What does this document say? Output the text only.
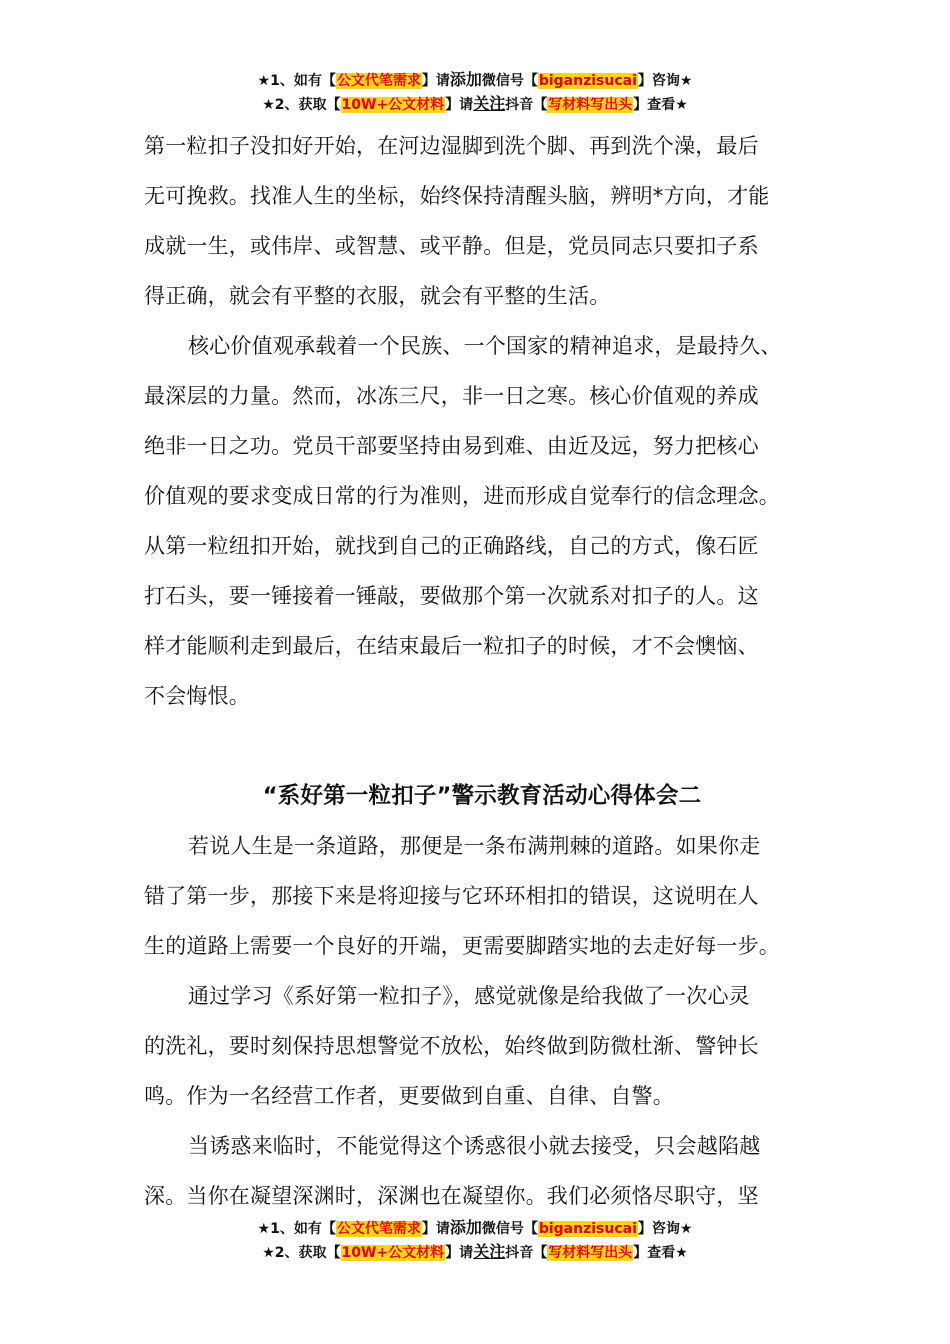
★1、如有【公文代笔需求】请添加微信号【biganzisucai】咨询★
★2、获取【10W+公文材料】请关注抖音【写材料写出头】查看★

第一粒扣子没扣好开始，在河边湿脚到洗个脚、再到洗个澡，最后
无可挽救。找准人生的坐标，始终保持清醒头脑，辨明*方向，才能
成就一生，或伟岸、或智慧、或平静。但是，党员同志只要扣子系
得正确，就会有平整的衣服，就会有平整的生活。

核心价值观承载着一个民族、一个国家的精神追求，是最持久、
最深层的力量。然而，冰冻三尺，非一日之寒。核心价值观的养成
绝非一日之功。党员干部要坚持由易到难、由近及远，努力把核心
价值观的要求变成日常的行为准则，进而形成自觉奉行的信念理念。
从第一粒纽扣开始，就找到自己的正确路线，自己的方式，像石匠
打石头，要一锤接着一锤敲，要做那个第一次就系对扣子的人。这
样才能顺利走到最后，在结束最后一粒扣子的时候，才不会懊恼、
不会悔恨。

“系好第一粒扣子”警示教育活动心得体会二

若说人生是一条道路，那便是一条布满荆棘的道路。如果你走
错了第一步，那接下来是将迎接与它环环相扣的错误，这说明在人
生的道路上需要一个良好的开端，更需要脚踏实地的去走好每一步。

通过学习《系好第一粒扣子》，感觉就像是给我做了一次心灵
的洗礼，要时刻保持思想警觉不放松，始终做到防微杜渐、警钟长
鸣。作为一名经营工作者，更要做到自重、自律、自警。

当诱惑来临时，不能觉得这个诱惑很小就去接受，只会越陷越
深。当你在凝望深渊时，深渊也在凝望你。我们必须恪尽职守，坚

★1、如有【公文代笔需求】请添加微信号【biganzisucai】咨询★
★2、获取【10W+公文材料】请关注抖音【写材料写出头】查看★
